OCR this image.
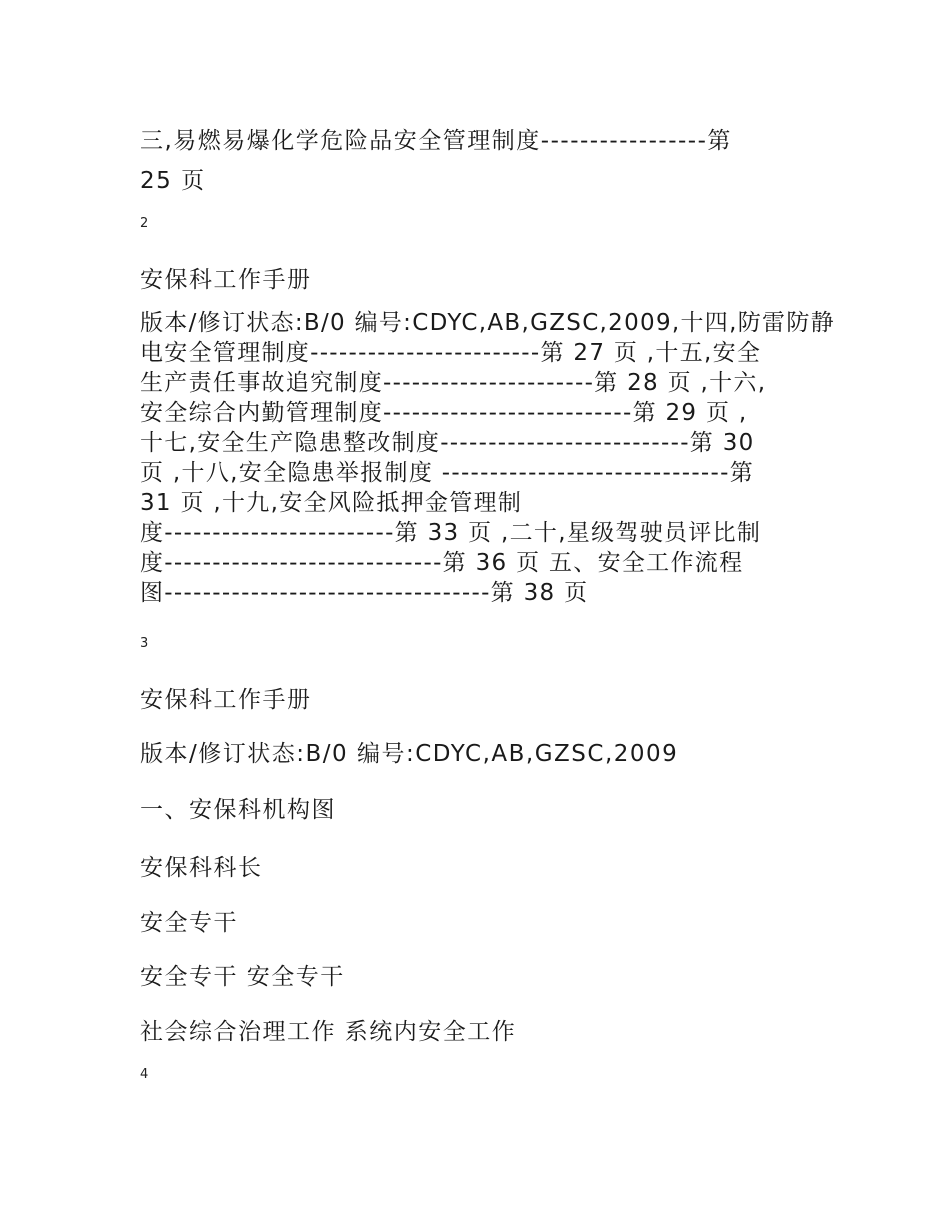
三,易燃易爆化学危险品安全管理制度-----------------第

25 页

2

安保科工作手册

版本/修订状态:B/0 编号:CDYC,AB,GZSC,2009,十四,防雷防静
电安全管理制度------------------------第 27 页 ,十五,安全
生产责任事故追究制度----------------------第 28 页 ,十六,
安全综合内勤管理制度--------------------------第 29 页 ,
十七,安全生产隐患整改制度--------------------------第 30
页 ,十八,安全隐患举报制度 ------------------------------第
31 页 ,十九,安全风险抵押金管理制
度------------------------第 33 页 ,二十,星级驾驶员评比制
度-----------------------------第 36 页 五、安全工作流程
图----------------------------------第 38 页

3

安保科工作手册

版本/修订状态:B/0 编号:CDYC,AB,GZSC,2009

一、安保科机构图

安保科科长

安全专干

安全专干 安全专干

社会综合治理工作 系统内安全工作

4
